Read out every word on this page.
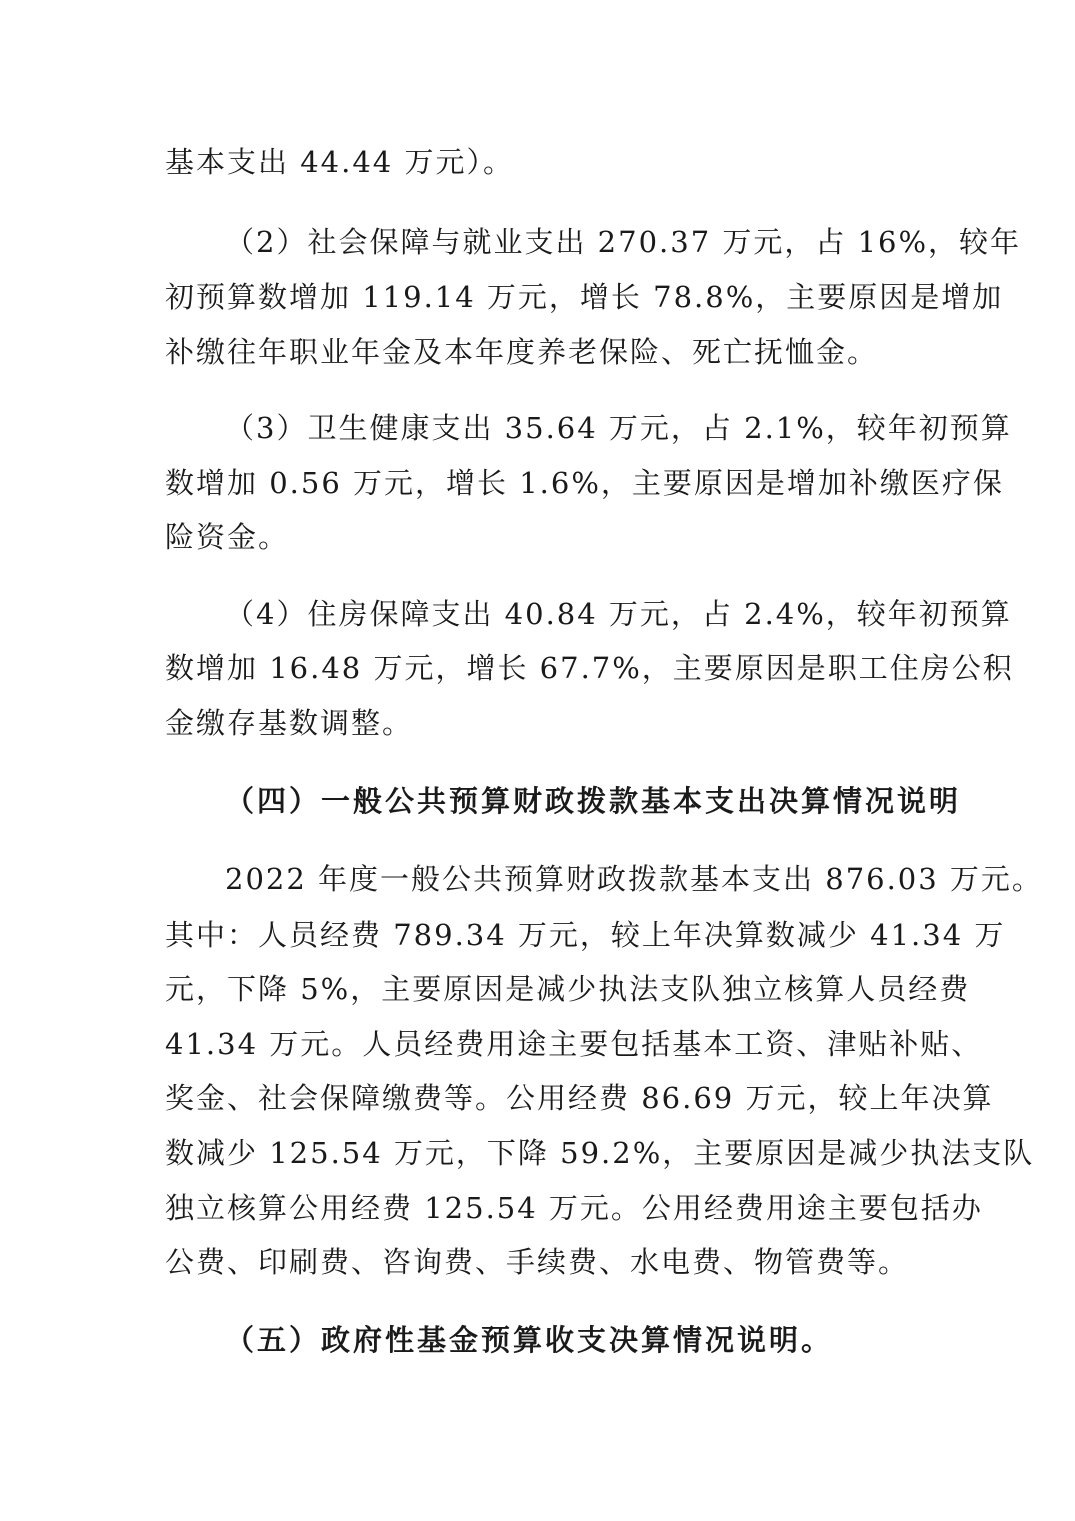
基本支出 44.44 万元）。
（2）社会保障与就业支出 270.37 万元，占 16%，较年
初预算数增加 119.14 万元，增长 78.8%，主要原因是增加
补缴往年职业年金及本年度养老保险、死亡抚恤金。
（3）卫生健康支出 35.64 万元，占 2.1%，较年初预算
数增加 0.56 万元，增长 1.6%，主要原因是增加补缴医疗保
险资金。
（4）住房保障支出 40.84 万元，占 2.4%，较年初预算
数增加 16.48 万元，增长 67.7%，主要原因是职工住房公积
金缴存基数调整。
（四）一般公共预算财政拨款基本支出决算情况说明
2022 年度一般公共预算财政拨款基本支出 876.03 万元。
其中：人员经费 789.34 万元，较上年决算数减少 41.34 万
元，下降 5%，主要原因是减少执法支队独立核算人员经费
41.34 万元。人员经费用途主要包括基本工资、津贴补贴、
奖金、社会保障缴费等。公用经费 86.69 万元，较上年决算
数减少 125.54 万元，下降 59.2%，主要原因是减少执法支队
独立核算公用经费 125.54 万元。公用经费用途主要包括办
公费、印刷费、咨询费、手续费、水电费、物管费等。
（五）政府性基金预算收支决算情况说明。
